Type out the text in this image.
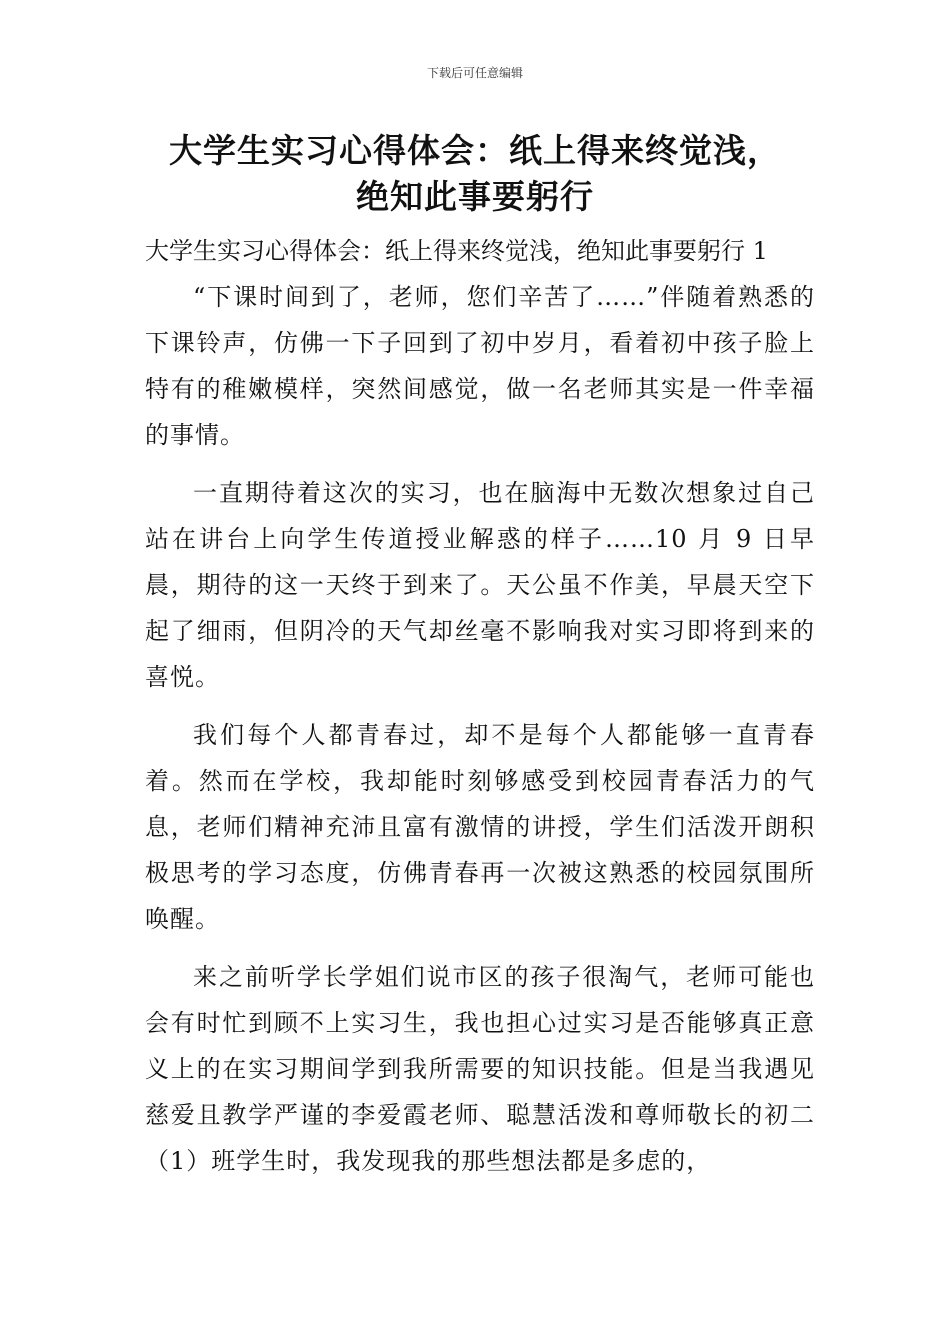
下载后可任意编辑
大学生实习心得体会：纸上得来终觉浅，
绝知此事要躬行

大学生实习心得体会：纸上得来终觉浅，绝知此事要躬行 1

“下课时间到了，老师，您们辛苦了……”伴随着熟悉的下课铃声，仿佛一下子回到了初中岁月，看着初中孩子脸上特有的稚嫩模样，突然间感觉，做一名老师其实是一件幸福的事情。

一直期待着这次的实习，也在脑海中无数次想象过自己站在讲台上向学生传道授业解惑的样子……10 月 9 日早晨，期待的这一天终于到来了。天公虽不作美，早晨天空下起了细雨，但阴冷的天气却丝毫不影响我对实习即将到来的喜悦。

我们每个人都青春过，却不是每个人都能够一直青春着。然而在学校，我却能时刻够感受到校园青春活力的气息，老师们精神充沛且富有激情的讲授，学生们活泼开朗积极思考的学习态度，仿佛青春再一次被这熟悉的校园氛围所唤醒。

来之前听学长学姐们说市区的孩子很淘气，老师可能也会有时忙到顾不上实习生，我也担心过实习是否能够真正意义上的在实习期间学到我所需要的知识技能。但是当我遇见慈爱且教学严谨的李爱霞老师、聪慧活泼和尊师敬长的初二（1）班学生时，我发现我的那些想法都是多虑的，
